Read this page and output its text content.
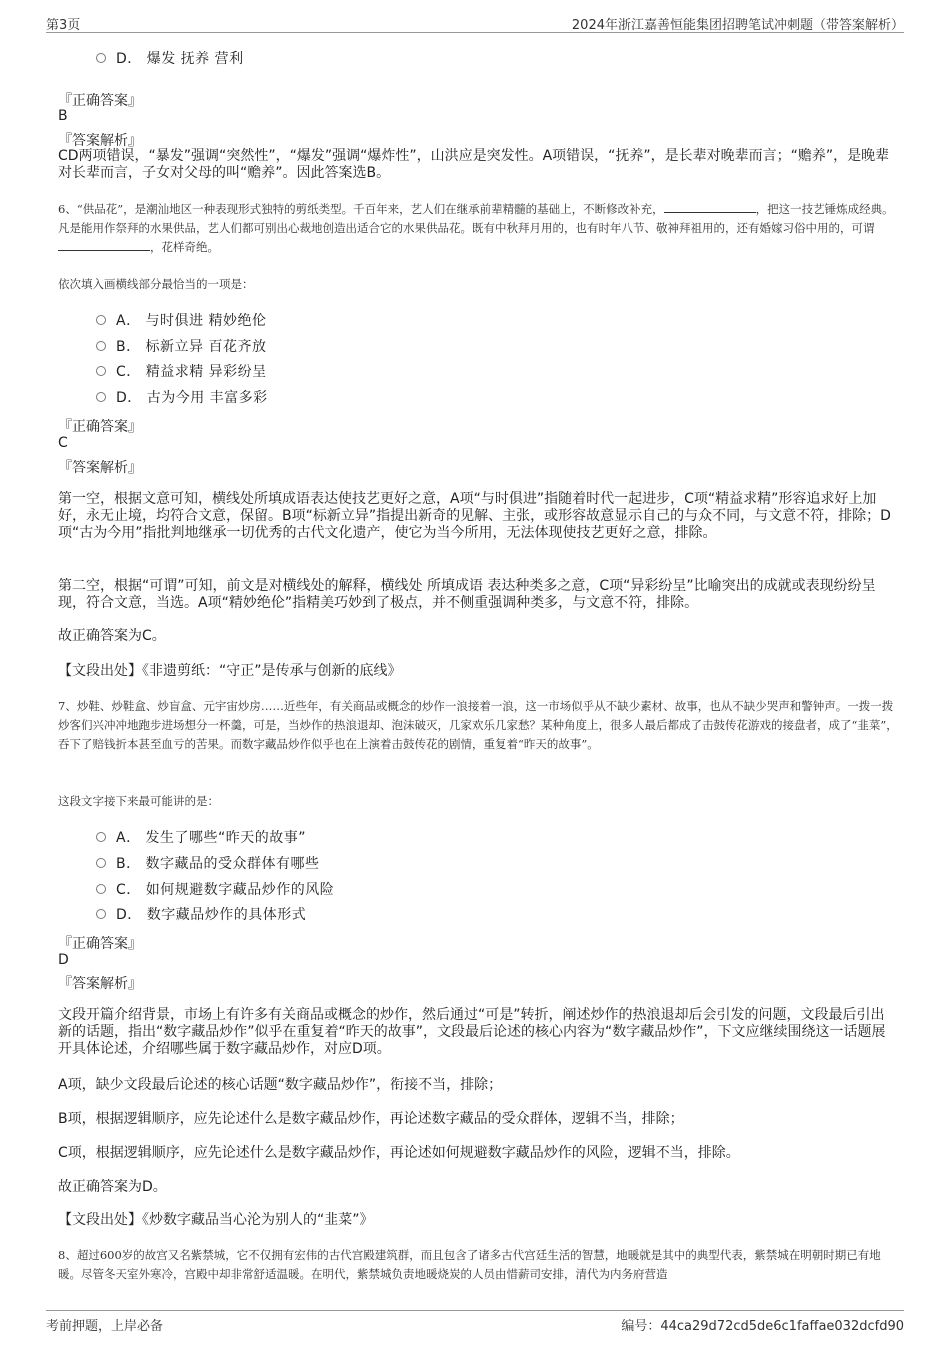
第3页	2024年浙江嘉善恒能集团招聘笔试冲刺题（带答案解析）
D． 爆发 抚养 营利
『正确答案』
B
『答案解析』
CD两项错误，“暴发”强调“突然性”，“爆发”强调“爆炸性”，山洪应是突发性。A项错误，“抚养”，是长辈对晚辈而言；“赡养”，是晚辈对长辈而言，子女对父母的叫“赡养”。因此答案选B。
6、“供品花”，是潮汕地区一种表现形式独特的剪纸类型。千百年来，艺人们在继承前辈精髓的基础上，不断修改补充，	，把这一技艺锤炼成经典。凡是能用作祭拜的水果供品，艺人们都可别出心裁地创造出适合它的水果供品花。既有中秋拜月用的，也有时年八节、敬神拜祖用的，还有婚嫁习俗中用的，可谓，花样奇绝。
依次填入画横线部分最恰当的一项是：
A． 与时俱进 精妙绝伦
B． 标新立异 百花齐放
C． 精益求精 异彩纷呈
D． 古为今用 丰富多彩
『正确答案』
C
『答案解析』
第一空，根据文意可知，横线处所填成语表达使技艺更好之意，A项“与时俱进”指随着时代一起进步，C项“精益求精”形容追求好上加好，永无止境，均符合文意，保留。B项“标新立异”指提出新奇的见解、主张，或形容故意显示自己的与众不同，与文意不符，排除；D项“古为今用”指批判地继承一切优秀的古代文化遗产，使它为当今所用，无法体现使技艺更好之意，排除。
第二空，根据“可谓”可知，前文是对横线处的解释，横线处 所填成语 表达种类多之意，C项“异彩纷呈”比喻突出的成就或表现纷纷呈现，符合文意，当选。A项“精妙绝伦”指精美巧妙到了极点，并不侧重强调种类多，与文意不符，排除。
故正确答案为C。
【文段出处】《非遗剪纸：“守正”是传承与创新的底线》
7、炒鞋、炒鞋盒、炒盲盒、元宇宙炒房……近些年，有关商品或概念的炒作一浪接着一浪，这一市场似乎从不缺少素材、故事，也从不缺少哭声和警钟声。一拨一拨炒客们兴冲冲地跑步进场想分一杯羹，可是，当炒作的热浪退却、泡沫破灭，几家欢乐几家愁？某种角度上，很多人最后都成了击鼓传花游戏的接盘者，成了“韭菜”，吞下了赔钱折本甚至血亏的苦果。而数字藏品炒作似乎也在上演着击鼓传花的剧情，重复着“昨天的故事”。
这段文字接下来最可能讲的是：
A． 发生了哪些“昨天的故事”
B． 数字藏品的受众群体有哪些
C． 如何规避数字藏品炒作的风险
D． 数字藏品炒作的具体形式
『正确答案』
D
『答案解析』
文段开篇介绍背景，市场上有许多有关商品或概念的炒作，然后通过“可是”转折，阐述炒作的热浪退却后会引发的问题，文段最后引出新的话题，指出“数字藏品炒作”似乎在重复着“昨天的故事”，文段最后论述的核心内容为“数字藏品炒作”，下文应继续围绕这一话题展开具体论述，介绍哪些属于数字藏品炒作，对应D项。
A项，缺少文段最后论述的核心话题“数字藏品炒作”，衔接不当，排除；
B项，根据逻辑顺序，应先论述什么是数字藏品炒作，再论述数字藏品的受众群体，逻辑不当，排除；
C项，根据逻辑顺序，应先论述什么是数字藏品炒作，再论述如何规避数字藏品炒作的风险，逻辑不当，排除。
故正确答案为D。
【文段出处】《炒数字藏品当心沦为别人的“韭菜”》
8、超过600岁的故宫又名紫禁城，它不仅拥有宏伟的古代宫殿建筑群，而且包含了诸多古代宫廷生活的智慧，地暖就是其中的典型代表，紫禁城在明朝时期已有地暖。尽管冬天室外寒冷，宫殿中却非常舒适温暖。在明代，紫禁城负责地暖烧炭的人员由惜薪司安排，清代为内务府营造
考前押题，上岸必备	编号：44ca29d72cd5de6c1faffae032dcfd90
